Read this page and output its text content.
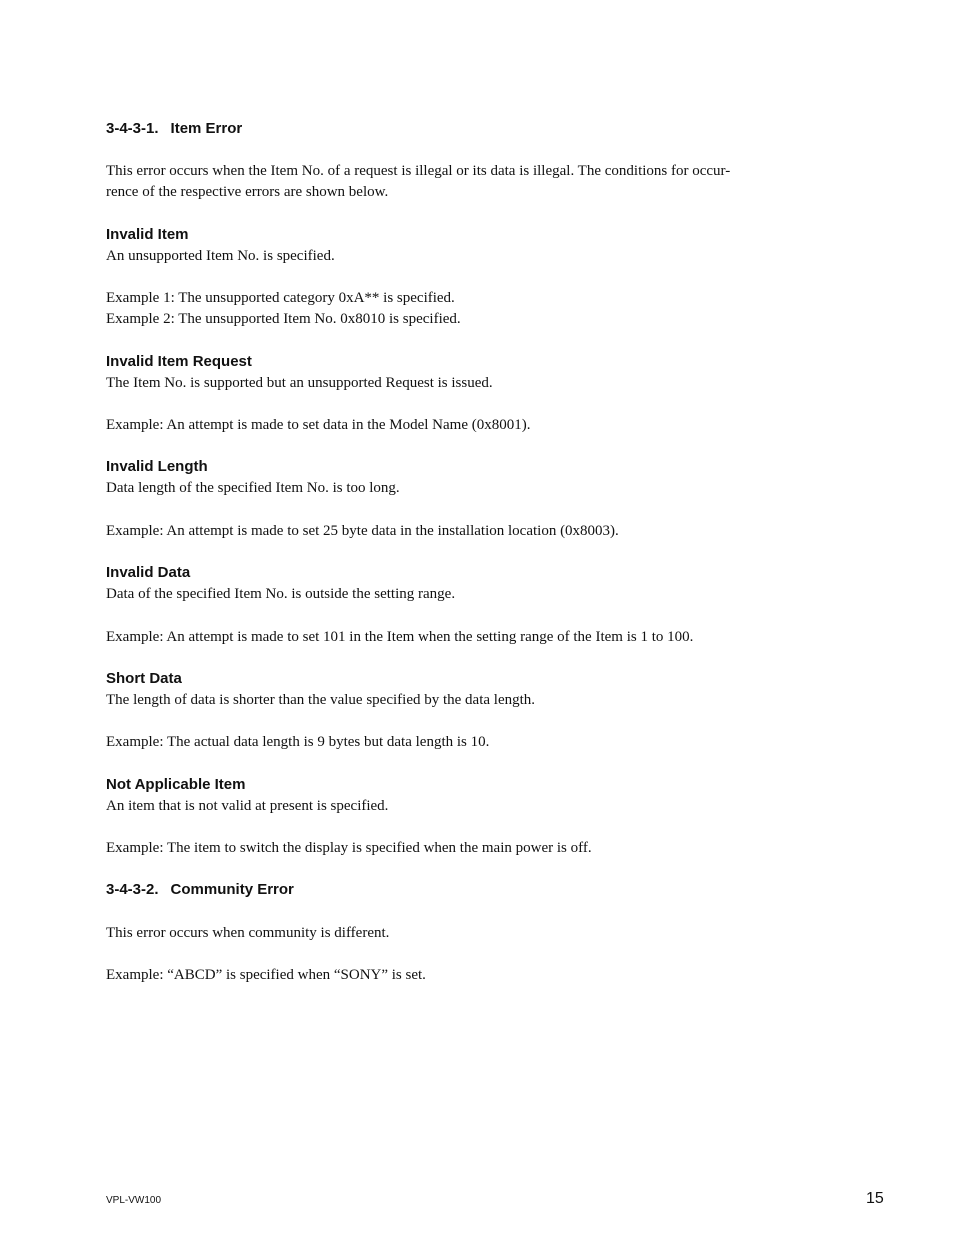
3-4-3-1. Item Error
This error occurs when the Item No. of a request is illegal or its data is illegal. The conditions for occur-
rence of the respective errors are shown below.
Invalid Item
An unsupported Item No. is specified.
Example 1: The unsupported category 0xA** is specified.
Example 2: The unsupported Item No. 0x8010 is specified.
Invalid Item Request
The Item No. is supported but an unsupported Request is issued.
Example: An attempt is made to set data in the Model Name (0x8001).
Invalid Length
Data length of the specified Item No. is too long.
Example: An attempt is made to set 25 byte data in the installation location (0x8003).
Invalid Data
Data of the specified Item No. is outside the setting range.
Example: An attempt is made to set 101 in the Item when the setting range of the Item is 1 to 100.
Short Data
The length of data is shorter than the value specified by the data length.
Example: The actual data length is 9 bytes but data length is 10.
Not Applicable Item
An item that is not valid at present is specified.
Example: The item to switch the display is specified when the main power is off.
3-4-3-2. Community Error
This error occurs when community is different.
Example: “ABCD” is specified when “SONY” is set.
VPL-VW100	15
